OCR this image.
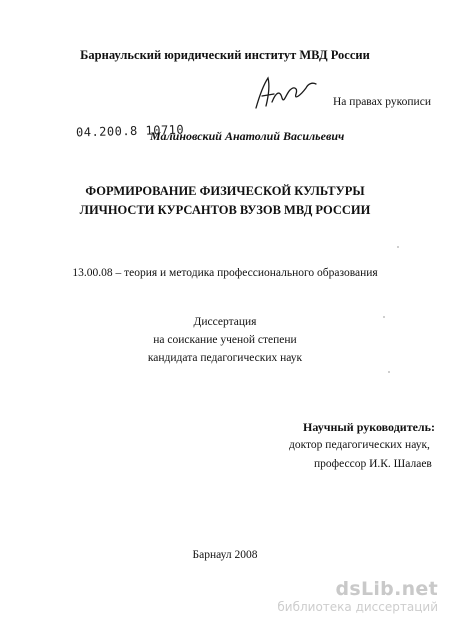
Барнаульский юридический институт МВД России
На правах рукописи
04.200.8 10710
Малиновский Анатолий Васильевич
ФОРМИРОВАНИЕ ФИЗИЧЕСКОЙ КУЛЬТУРЫ
ЛИЧНОСТИ КУРСАНТОВ ВУЗОВ МВД РОССИИ
13.00.08 – теория и методика профессионального образования
Диссертация
на соискание ученой степени
кандидата педагогических наук
Научный руководитель:
доктор педагогических наук,
профессор И.К. Шалаев
Барнаул 2008
dsLib.net
библиотека диссертаций
